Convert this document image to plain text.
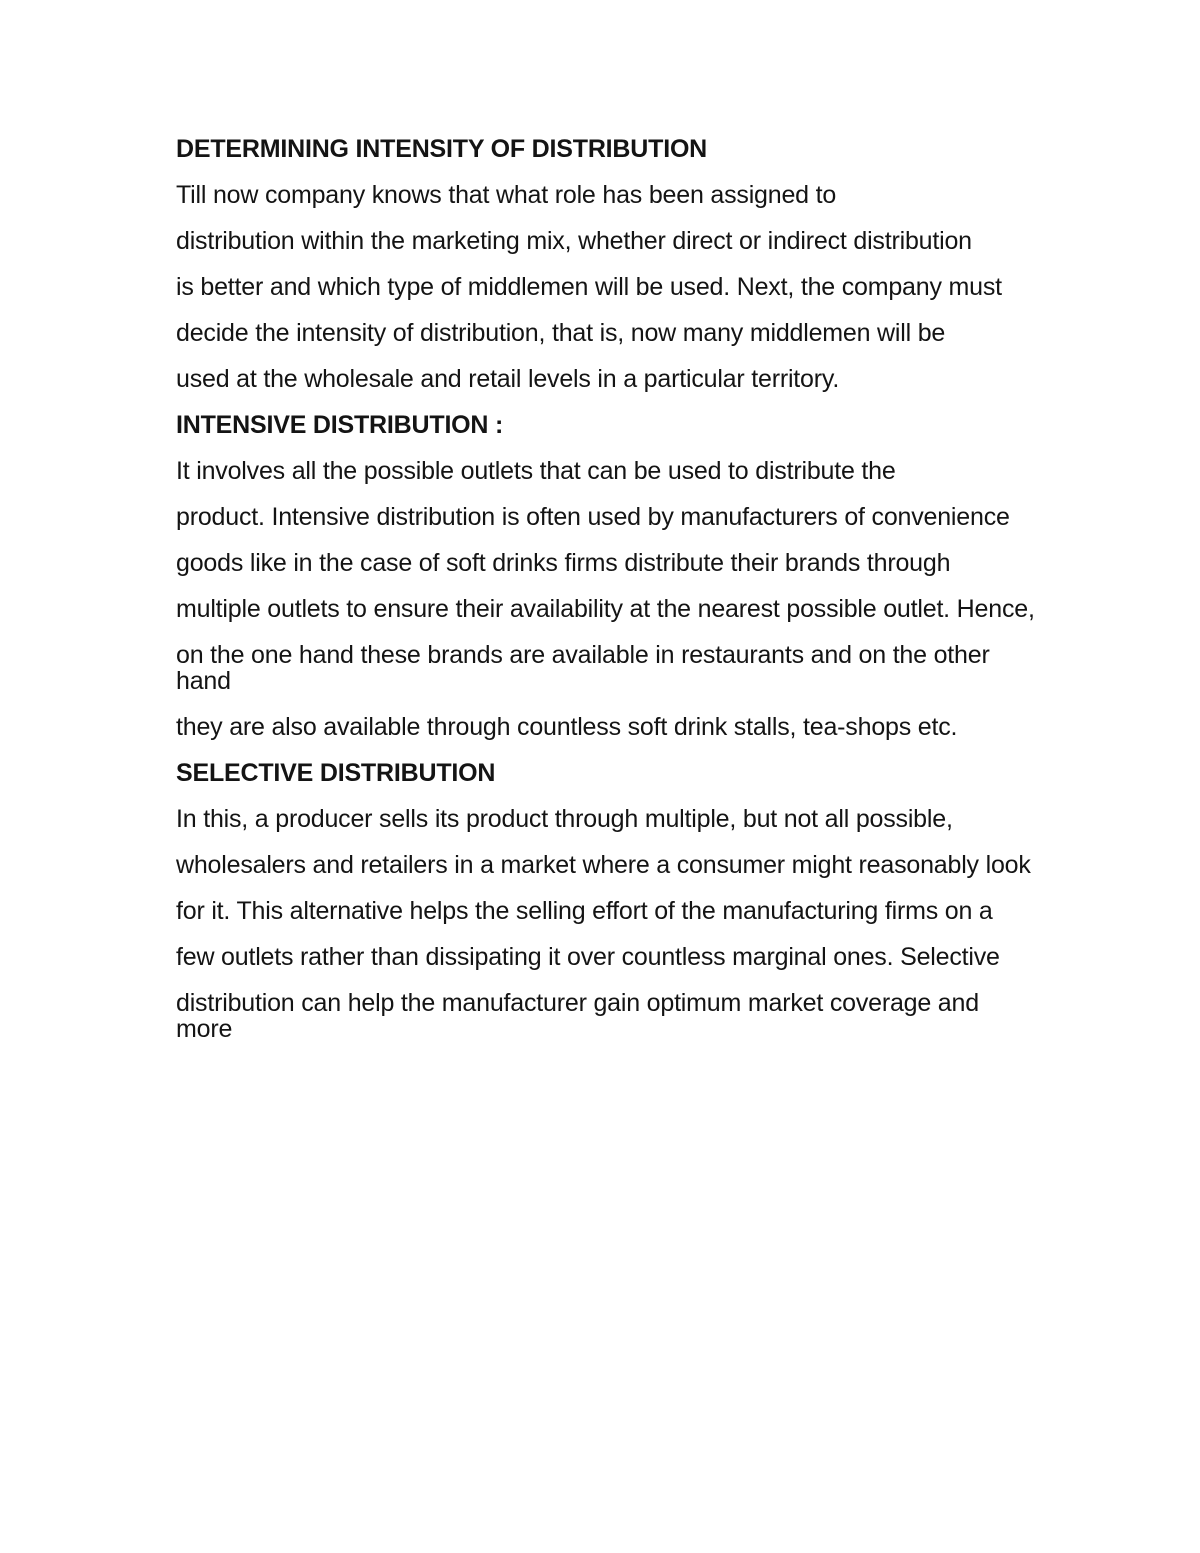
DETERMINING INTENSITY OF DISTRIBUTION
Till now company knows that what role has been assigned to
distribution within the marketing mix, whether direct or indirect distribution
is better and which type of middlemen will be used. Next, the company must
decide the intensity of distribution, that is, now many middlemen will be
used at the wholesale and retail levels in a particular territory.
INTENSIVE DISTRIBUTION :
It involves all the possible outlets that can be used to distribute the
product. Intensive distribution is often used by manufacturers of convenience
goods like in the case of soft drinks firms distribute their brands through
multiple outlets to ensure their availability at the nearest possible outlet. Hence,
on the one hand these brands are available in restaurants and on the other hand
they are also available through countless soft drink stalls, tea-shops etc.
SELECTIVE DISTRIBUTION
In this, a producer sells its product through multiple, but not all possible,
wholesalers and retailers in a market where a consumer might reasonably look
for it. This alternative helps the selling effort of the manufacturing firms on a
few outlets rather than dissipating it over countless marginal ones. Selective
distribution can help the manufacturer gain optimum market coverage and more
